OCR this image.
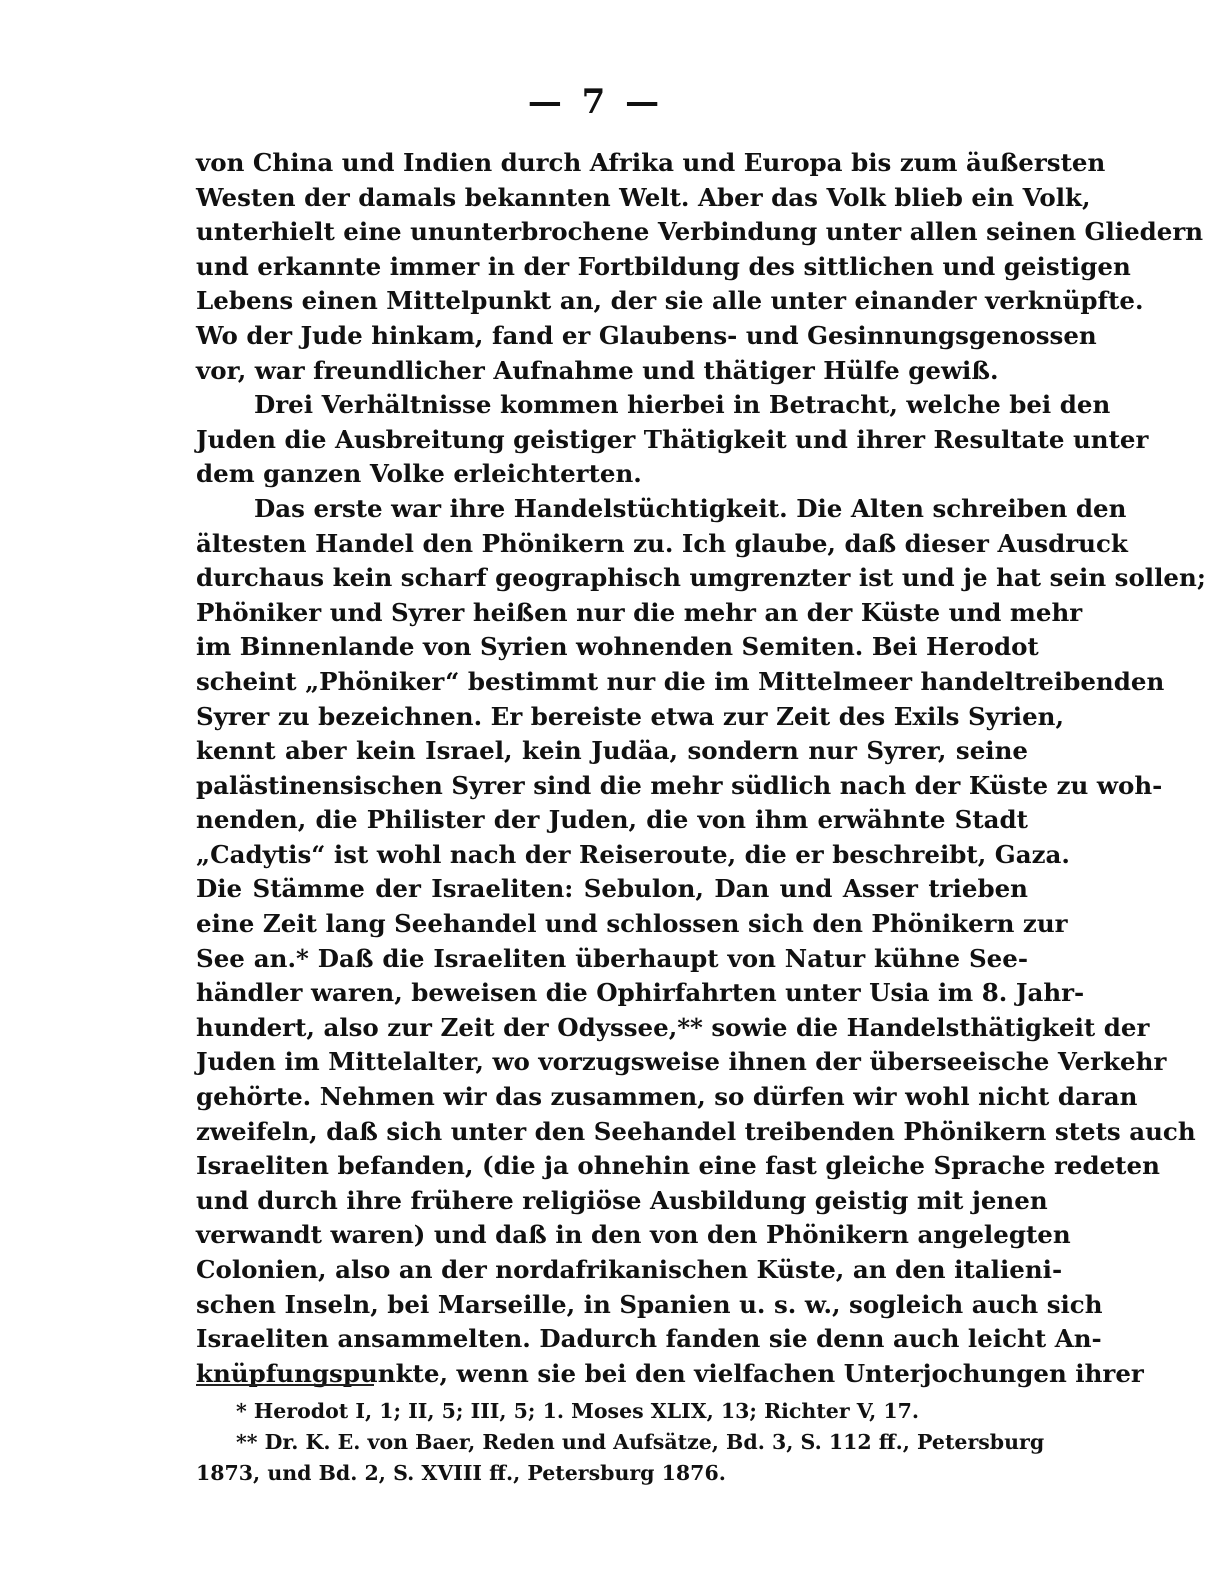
— 7 —
von China und Indien durch Afrika und Europa bis zum äußersten
Westen der damals bekannten Welt. Aber das Volk blieb ein Volk,
unterhielt eine ununterbrochene Verbindung unter allen seinen Gliedern
und erkannte immer in der Fortbildung des sittlichen und geistigen
Lebens einen Mittelpunkt an, der sie alle unter einander verknüpfte.
Wo der Jude hinkam, fand er Glaubens- und Gesinnungsgenossen
vor, war freundlicher Aufnahme und thätiger Hülfe gewiß.
Drei Verhältnisse kommen hierbei in Betracht, welche bei den
Juden die Ausbreitung geistiger Thätigkeit und ihrer Resultate unter
dem ganzen Volke erleichterten.
Das erste war ihre Handelstüchtigkeit. Die Alten schreiben den
ältesten Handel den Phönikern zu. Ich glaube, daß dieser Ausdruck
durchaus kein scharf geographisch umgrenzter ist und je hat sein sollen;
Phöniker und Syrer heißen nur die mehr an der Küste und mehr
im Binnenlande von Syrien wohnenden Semiten. Bei Herodot
scheint „Phöniker“ bestimmt nur die im Mittelmeer handeltreibenden
Syrer zu bezeichnen. Er bereiste etwa zur Zeit des Exils Syrien,
kennt aber kein Israel, kein Judäa, sondern nur Syrer, seine
palästinensischen Syrer sind die mehr südlich nach der Küste zu woh-
nenden, die Philister der Juden, die von ihm erwähnte Stadt
„Cadytis“ ist wohl nach der Reiseroute, die er beschreibt, Gaza.
Die Stämme der Israeliten: Sebulon, Dan und Asser trieben
eine Zeit lang Seehandel und schlossen sich den Phönikern zur
See an.* Daß die Israeliten überhaupt von Natur kühne See-
händler waren, beweisen die Ophirfahrten unter Usia im 8. Jahr-
hundert, also zur Zeit der Odyssee,** sowie die Handelsthätigkeit der
Juden im Mittelalter, wo vorzugsweise ihnen der überseeische Verkehr
gehörte. Nehmen wir das zusammen, so dürfen wir wohl nicht daran
zweifeln, daß sich unter den Seehandel treibenden Phönikern stets auch
Israeliten befanden, (die ja ohnehin eine fast gleiche Sprache redeten
und durch ihre frühere religiöse Ausbildung geistig mit jenen
verwandt waren) und daß in den von den Phönikern angelegten
Colonien, also an der nordafrikanischen Küste, an den italieni-
schen Inseln, bei Marseille, in Spanien u. s. w., sogleich auch sich
Israeliten ansammelten. Dadurch fanden sie denn auch leicht An-
knüpfungspunkte, wenn sie bei den vielfachen Unterjochungen ihrer
* Herodot I, 1; II, 5; III, 5; 1. Moses XLIX, 13; Richter V, 17.
** Dr. K. E. von Baer, Reden und Aufsätze, Bd. 3, S. 112 ff., Petersburg
1873, und Bd. 2, S. XVIII ff., Petersburg 1876.
